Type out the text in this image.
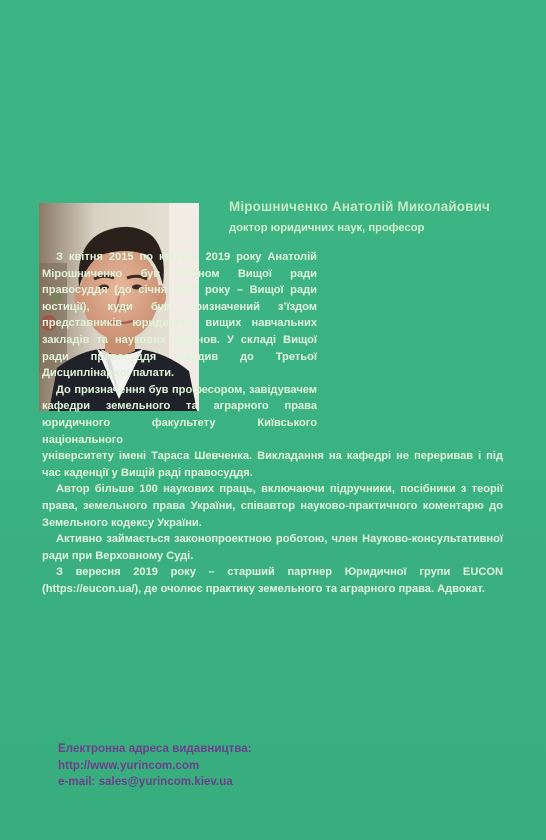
Мірошниченко Анатолій Миколайович
доктор юридичних наук, професор

З квітня 2015 по квітень 2019 року Анатолій Мірошниченко був членом Вищої ради правосуддя (до січня 2017 року – Вищої ради юстиції), куди був призначений з’їздом представників юридичних вищих навчальних закладів та наукових установ. У складі Вищої ради правосуддя входив до Третьої Дисциплінарної палати.

До призначення був професором, завідувачем кафедри земельного та аграрного права юридичного факультету Київського національного

університету імені Тараса Шевченка. Викладання на кафедрі не переривав і під час каденції у Вищій раді правосуддя.

Автор більше 100 наукових праць, включаючи підручники, посібники з теорії права, земельного права України, співавтор науково-практичного коментарю до Земельного кодексу України.

Активно займається законопроектною роботою, член Науково-консультативної ради при Верховному Суді.

З вересня 2019 року – старший партнер Юридичної групи EUCON (https://eucon.ua/), де очолює практику земельного та аграрного права. Адвокат.

Електронна адреса видавництва:
http://www.yurincom.com
e-mail: sales@yurincom.kiev.ua
